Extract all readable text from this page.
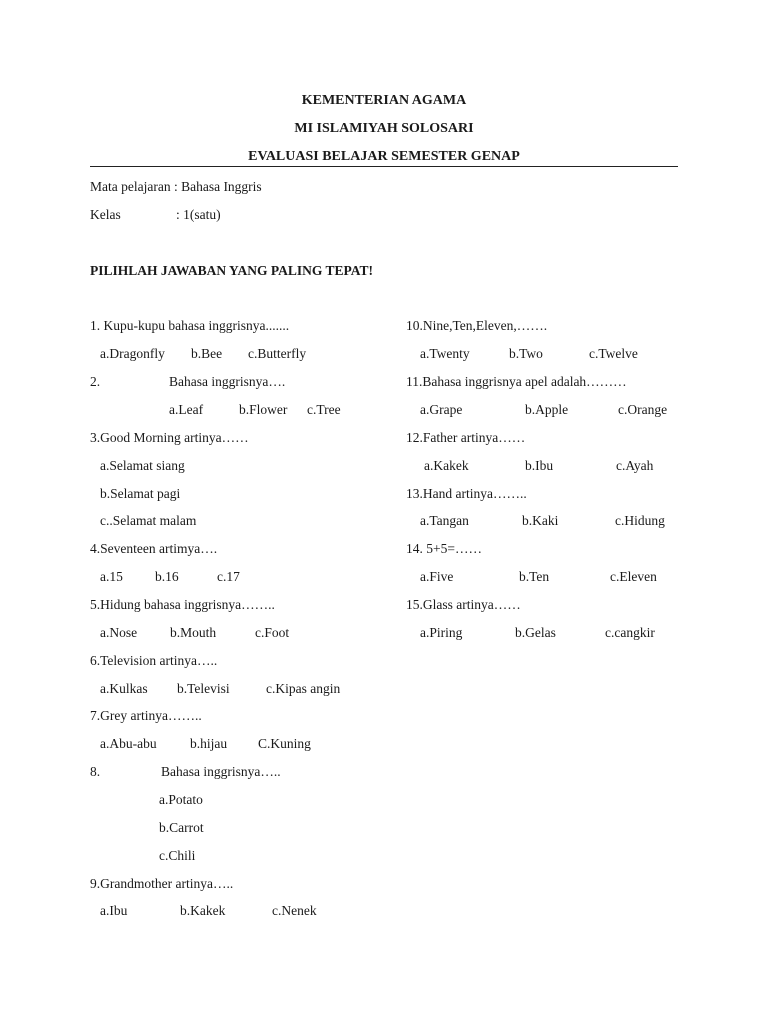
KEMENTERIAN AGAMA
MI ISLAMIYAH SOLOSARI
EVALUASI BELAJAR SEMESTER GENAP
Mata pelajaran : Bahasa Inggris
Kelas	: 1(satu)
PILIHLAH JAWABAN YANG PALING TEPAT!
1. Kupu-kupu bahasa inggrisnya.......
a.Dragonfly b.Bee c.Butterfly
2.	Bahasa inggrisnya….
a.Leaf	b.Flower c.Tree
3.Good Morning artinya……
a.Selamat siang
b.Selamat pagi
c..Selamat malam
4.Seventeen artimya….
a.15 b.16	c.17
5.Hidung bahasa inggrisnya……..
a.Nose b.Mouth	c.Foot
6.Television artinya…..
a.Kulkas b.Televisi	c.Kipas angin
7.Grey artinya……..
a.Abu-abu b.hijau C.Kuning
8.	Bahasa inggrisnya…..
a.Potato
b.Carrot
c.Chili
9.Grandmother artinya…..
a.Ibu	b.Kakek	c.Nenek
10.Nine,Ten,Eleven,…….
a.Twenty	b.Two	c.Twelve
11.Bahasa inggrisnya apel adalah………
a.Grape	b.Apple	c.Orange
12.Father artinya……
a.Kakek	b.Ibu	c.Ayah
13.Hand artinya……..
a.Tangan	b.Kaki	c.Hidung
14. 5+5=……
a.Five	b.Ten	c.Eleven
15.Glass artinya……
a.Piring	b.Gelas	c.cangkir
